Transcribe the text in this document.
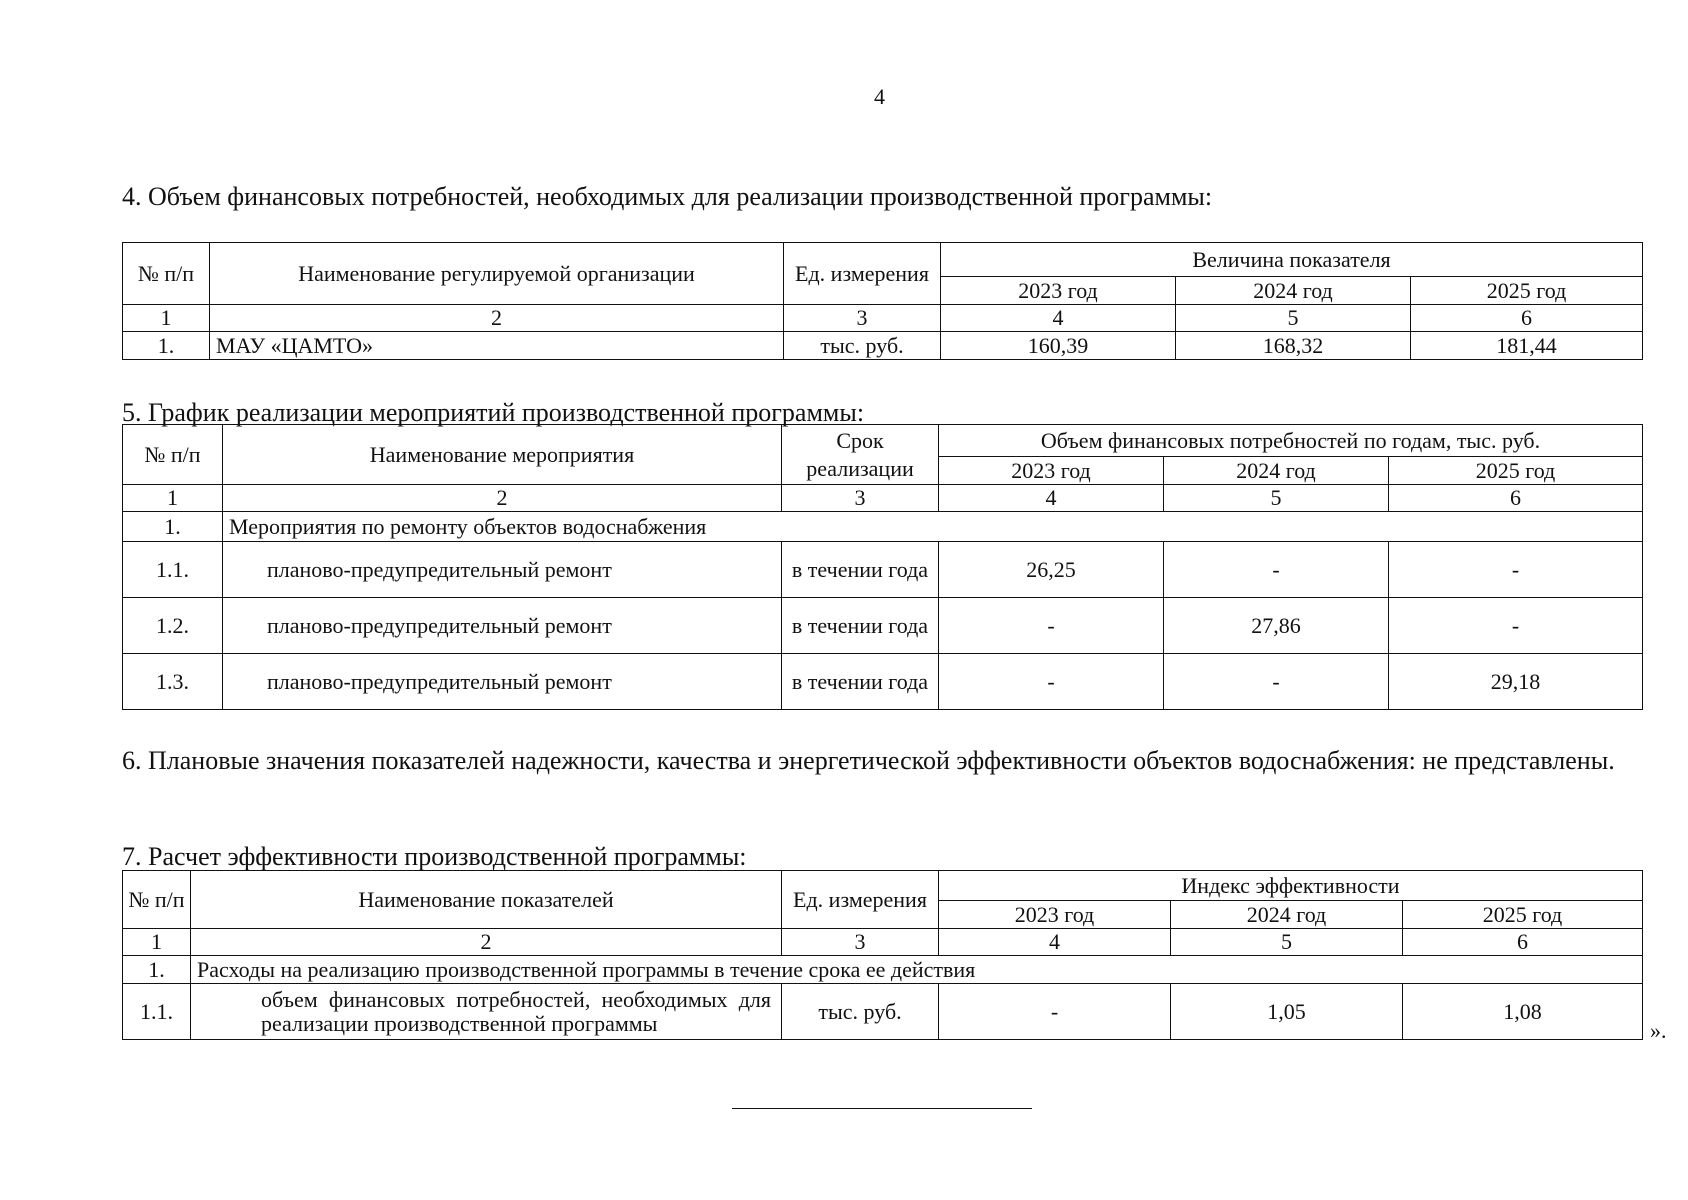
4
4. Объем финансовых потребностей, необходимых для реализации производственной программы:
№ п/п	Наименование регулируемой организации	Ед. измерения	Величина показателя		
			2023 год	2024 год	2025 год
1	2	3	4	5	6
1.	МАУ «ЦАМТО»	тыс. руб.	160,39	168,32	181,44
5. График реализации мероприятий производственной программы:
№ п/п	Наименование мероприятия	Срок реализации	Объем финансовых потребностей по годам, тыс. руб.		
			2023 год	2024 год	2025 год
1	2	3	4	5	6
1.	Мероприятия по ремонту объектов водоснабжения				
1.1.	планово-предупредительный ремонт	в течении года	26,25	-	-
1.2.	планово-предупредительный ремонт	в течении года	-	27,86	-
1.3.	планово-предупредительный ремонт	в течении года	-	-	29,18
6. Плановые значения показателей надежности, качества и энергетической эффективности объектов водоснабжения: не представлены.
7. Расчет эффективности производственной программы:
№ п/п	Наименование показателей	Ед. измерения	Индекс эффективности		
			2023 год	2024 год	2025 год
1	2	3	4	5	6
1.	Расходы на реализацию производственной программы в течение срока ее действия				
1.1.	объем финансовых потребностей, необходимых для реализации производственной программы	тыс. руб.	-	1,05	1,08
».
